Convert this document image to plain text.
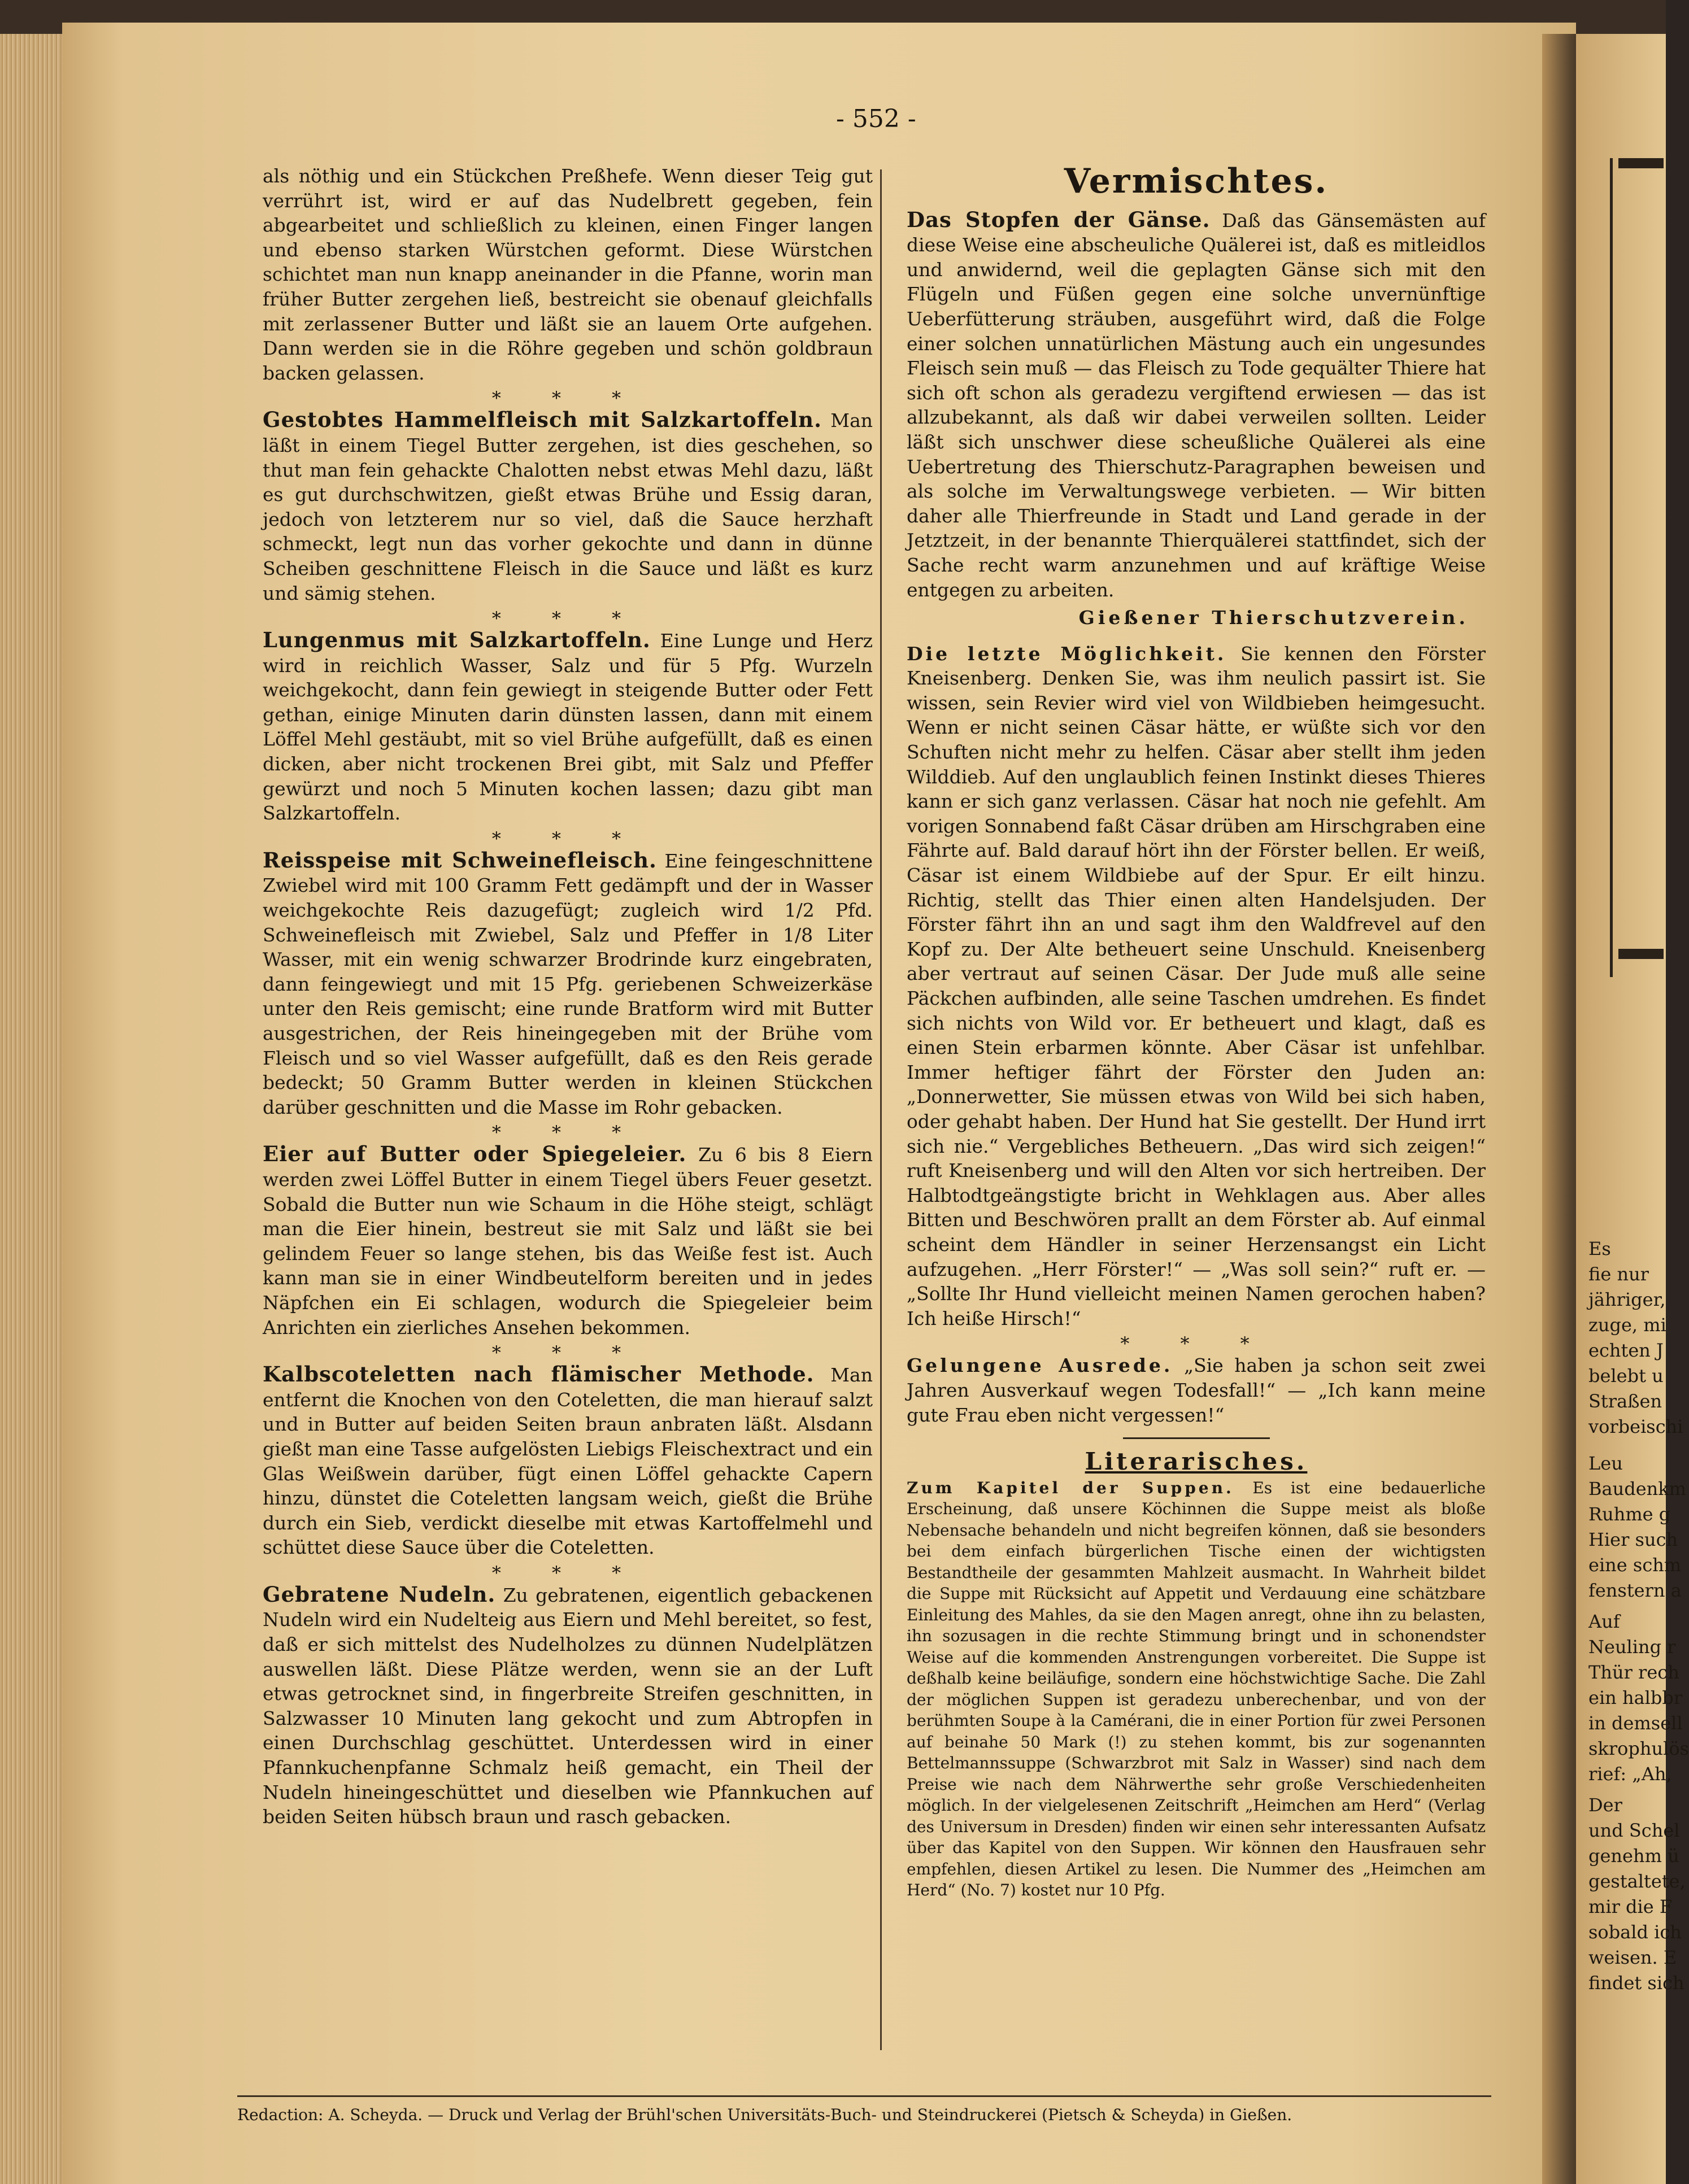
- 552 -

als nöthig und ein Stückchen Preßhefe. Wenn dieser Teig gut verrührt ist, wird er auf das Nudelbrett gegeben, fein abgearbeitet und schließlich zu kleinen, einen Finger langen und ebenso starken Würstchen geformt. Diese Würstchen schichtet man nun knapp aneinander in die Pfanne, worin man früher Butter zergehen ließ, bestreicht sie obenauf gleichfalls mit zerlassener Butter und läßt sie an lauem Orte aufgehen. Dann werden sie in die Röhre gegeben und schön goldbraun backen gelassen.

* * *

Gestobtes Hammelfleisch mit Salzkartoffeln. Man läßt in einem Tiegel Butter zergehen, ist dies geschehen, so thut man fein gehackte Chalotten nebst etwas Mehl dazu, läßt es gut durchschwitzen, gießt etwas Brühe und Essig daran, jedoch von letzterem nur so viel, daß die Sauce herzhaft schmeckt, legt nun das vorher gekochte und dann in dünne Scheiben geschnittene Fleisch in die Sauce und läßt es kurz und sämig stehen.

* * *

Lungenmus mit Salzkartoffeln. Eine Lunge und Herz wird in reichlich Wasser, Salz und für 5 Pfg. Wurzeln weichgekocht, dann fein gewiegt in steigende Butter oder Fett gethan, einige Minuten darin dünsten lassen, dann mit einem Löffel Mehl gestäubt, mit so viel Brühe aufgefüllt, daß es einen dicken, aber nicht trockenen Brei gibt, mit Salz und Pfeffer gewürzt und noch 5 Minuten kochen lassen; dazu gibt man Salzkartoffeln.

* * *

Reisspeise mit Schweinefleisch. Eine feingeschnittene Zwiebel wird mit 100 Gramm Fett gedämpft und der in Wasser weichgekochte Reis dazugefügt; zugleich wird 1/2 Pfd. Schweinefleisch mit Zwiebel, Salz und Pfeffer in 1/8 Liter Wasser, mit ein wenig schwarzer Brodrinde kurz eingebraten, dann feingewiegt und mit 15 Pfg. geriebenen Schweizerkäse unter den Reis gemischt; eine runde Bratform wird mit Butter ausgestrichen, der Reis hineingegeben mit der Brühe vom Fleisch und so viel Wasser aufgefüllt, daß es den Reis gerade bedeckt; 50 Gramm Butter werden in kleinen Stückchen darüber geschnitten und die Masse im Rohr gebacken.

* * *

Eier auf Butter oder Spiegeleier. Zu 6 bis 8 Eiern werden zwei Löffel Butter in einem Tiegel übers Feuer gesetzt. Sobald die Butter nun wie Schaum in die Höhe steigt, schlägt man die Eier hinein, bestreut sie mit Salz und läßt sie bei gelindem Feuer so lange stehen, bis das Weiße fest ist. Auch kann man sie in einer Windbeutelform bereiten und in jedes Näpfchen ein Ei schlagen, wodurch die Spiegeleier beim Anrichten ein zierliches Ansehen bekommen.

* * *

Kalbscoteletten nach flämischer Methode. Man entfernt die Knochen von den Coteletten, die man hierauf salzt und in Butter auf beiden Seiten braun anbraten läßt. Alsdann gießt man eine Tasse aufgelösten Liebigs Fleischextract und ein Glas Weißwein darüber, fügt einen Löffel gehackte Capern hinzu, dünstet die Coteletten langsam weich, gießt die Brühe durch ein Sieb, verdickt dieselbe mit etwas Kartoffelmehl und schüttet diese Sauce über die Coteletten.

* * *

Gebratene Nudeln. Zu gebratenen, eigentlich gebackenen Nudeln wird ein Nudelteig aus Eiern und Mehl bereitet, so fest, daß er sich mittelst des Nudelholzes zu dünnen Nudelplätzen auswellen läßt. Diese Plätze werden, wenn sie an der Luft etwas getrocknet sind, in fingerbreite Streifen geschnitten, in Salzwasser 10 Minuten lang gekocht und zum Abtropfen in einen Durchschlag geschüttet. Unterdessen wird in einer Pfannkuchenpfanne Schmalz heiß gemacht, ein Theil der Nudeln hineingeschüttet und dieselben wie Pfannkuchen auf beiden Seiten hübsch braun und rasch gebacken.

Vermischtes.

Das Stopfen der Gänse. Daß das Gänsemästen auf diese Weise eine abscheuliche Quälerei ist, daß es mitleidlos und anwidernd, weil die geplagten Gänse sich mit den Flügeln und Füßen gegen eine solche unvernünftige Ueberfütterung sträuben, ausgeführt wird, daß die Folge einer solchen unnatürlichen Mästung auch ein ungesundes Fleisch sein muß — das Fleisch zu Tode gequälter Thiere hat sich oft schon als geradezu vergiftend erwiesen — das ist allzubekannt, als daß wir dabei verweilen sollten. Leider läßt sich unschwer diese scheußliche Quälerei als eine Uebertretung des Thierschutz-Paragraphen beweisen und als solche im Verwaltungswege verbieten. — Wir bitten daher alle Thierfreunde in Stadt und Land gerade in der Jetztzeit, in der benannte Thierquälerei stattfindet, sich der Sache recht warm anzunehmen und auf kräftige Weise entgegen zu arbeiten.

Gießener Thierschutzverein.

Die letzte Möglichkeit. Sie kennen den Förster Kneisenberg. Denken Sie, was ihm neulich passirt ist. Sie wissen, sein Revier wird viel von Wildbieben heimgesucht. Wenn er nicht seinen Cäsar hätte, er wüßte sich vor den Schuften nicht mehr zu helfen. Cäsar aber stellt ihm jeden Wilddieb. Auf den unglaublich feinen Instinkt dieses Thieres kann er sich ganz verlassen. Cäsar hat noch nie gefehlt. Am vorigen Sonnabend faßt Cäsar drüben am Hirschgraben eine Fährte auf. Bald darauf hört ihn der Förster bellen. Er weiß, Cäsar ist einem Wildbiebe auf der Spur. Er eilt hinzu. Richtig, stellt das Thier einen alten Handelsjuden. Der Förster fährt ihn an und sagt ihm den Waldfrevel auf den Kopf zu. Der Alte betheuert seine Unschuld. Kneisenberg aber vertraut auf seinen Cäsar. Der Jude muß alle seine Päckchen aufbinden, alle seine Taschen umdrehen. Es findet sich nichts von Wild vor. Er betheuert und klagt, daß es einen Stein erbarmen könnte. Aber Cäsar ist unfehlbar. Immer heftiger fährt der Förster den Juden an: „Donnerwetter, Sie müssen etwas von Wild bei sich haben, oder gehabt haben. Der Hund hat Sie gestellt. Der Hund irrt sich nie.“ Vergebliches Betheuern. „Das wird sich zeigen!“ ruft Kneisenberg und will den Alten vor sich hertreiben. Der Halbtodtgeängstigte bricht in Wehklagen aus. Aber alles Bitten und Beschwören prallt an dem Förster ab. Auf einmal scheint dem Händler in seiner Herzensangst ein Licht aufzugehen. „Herr Förster!“ — „Was soll sein?“ ruft er. — „Sollte Ihr Hund vielleicht meinen Namen gerochen haben? Ich heiße Hirsch!“

* * *

Gelungene Ausrede. „Sie haben ja schon seit zwei Jahren Ausverkauf wegen Todesfall!“ — „Ich kann meine gute Frau eben nicht vergessen!“

Literarisches.

Zum Kapitel der Suppen. Es ist eine bedauerliche Erscheinung, daß unsere Köchinnen die Suppe meist als bloße Nebensache behandeln und nicht begreifen können, daß sie besonders bei dem einfach bürgerlichen Tische einen der wichtigsten Bestandtheile der gesammten Mahlzeit ausmacht. In Wahrheit bildet die Suppe mit Rücksicht auf Appetit und Verdauung eine schätzbare Einleitung des Mahles, da sie den Magen anregt, ohne ihn zu belasten, ihn sozusagen in die rechte Stimmung bringt und in schonendster Weise auf die kommenden Anstrengungen vorbereitet. Die Suppe ist deßhalb keine beiläufige, sondern eine höchstwichtige Sache. Die Zahl der möglichen Suppen ist geradezu unberechenbar, und von der berühmten Soupe à la Camérani, die in einer Portion für zwei Personen auf beinahe 50 Mark (!) zu stehen kommt, bis zur sogenannten Bettelmannssuppe (Schwarzbrot mit Salz in Wasser) sind nach dem Preise wie nach dem Nährwerthe sehr große Verschiedenheiten möglich. In der vielgelesenen Zeitschrift „Heimchen am Herd“ (Verlag des Universum in Dresden) finden wir einen sehr interessanten Aufsatz über das Kapitel von den Suppen. Wir können den Hausfrauen sehr empfehlen, diesen Artikel zu lesen. Die Nummer des „Heimchen am Herd“ (No. 7) kostet nur 10 Pfg.

Redaction: A. Scheyda. — Druck und Verlag der Brühl'schen Universitäts-Buch- und Steindruckerei (Pietsch & Scheyda) in Gießen.
Es
fie nur
jähriger,
zuge, mi
echten J
belebt u
Straßen
vorbeischi
Leu
Baudenkm
Ruhme g
Hier such
eine schm
fenstern a
Auf
Neuling r
Thür rech
ein halbbr
in demsell
skrophulös
rief: „Ah,
Der
und Schel
genehm ü
gestaltete,
mir die F
sobald ich
weisen. E
findet sich
